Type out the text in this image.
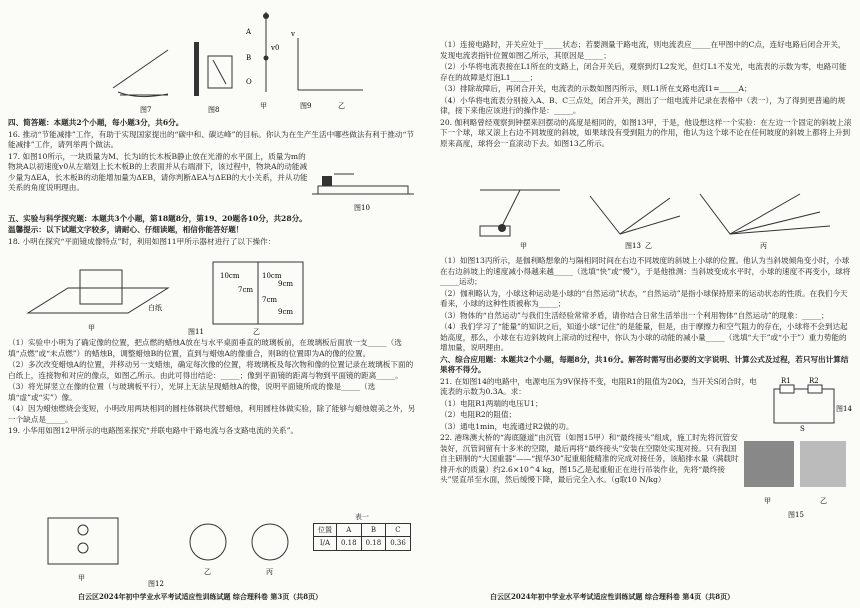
图7	图8
A
B
O
v0
甲
v
图9	乙

四、简答题：本题共2个小题，每小题3分，共6分。

16. 推动“节能减排”工作，有助于实现国家提出的“碳中和、碳达峰”的目标。你认为在生产生活中哪些做法有利于推动“节能减排”工作，请列举两个做法。

17. 如图10所示，一块质量为M、长为l的长木板B静止放在光滑的水平面上，质量为m的物块A以初速度v0从左端划上长木板B的上表面并从右端滑下，该过程中，物块A的动能减少量为ΔEA，长木板B的动能增加量为ΔEB，请你判断ΔEA与ΔEB的大小关系，并从功能关系的角度说明理由。

图10

五、实验与科学探究题：本题共3个小题，第18题8分，第19、20题各10分，共28分。

温馨提示：以下试题文字较多，请耐心、仔细读题，相信你能答好题！

18. 小明在探究“平面镜成像特点”时，利用如图11甲所示器材进行了以下操作：

白纸
甲
10cm	10cm
7cm
7cm
9cm
9cm
图11	乙

（1）实验中小明为了确定像的位置，把点燃的蜡烛A放在与水平桌面垂直的玻璃板前，在玻璃板后面放一支_____（选填“点燃”或“未点燃”）的蜡烛B，调整蜡烛B的位置，直到与蜡烛A的像重合，则B的位置即为A的像的位置。

（2）多次改变蜡烛A的位置，并移动另一支蜡烛，确定每次像的位置，将玻璃板及每次物和像的位置记录在玻璃板下面的白纸上，连接物和对应的像点，如图乙所示。由此可得出结论：_____；像到平面镜的距离与物到平面镜的距离_____。

（3）将光屏竖立在像的位置（与玻璃板平行），光屏上无法呈现蜡烛A的像，说明平面镜所成的像是_____（选填“虚”或“实”）像。

（4）因为蜡烛燃烧会变短，小明改用两块相同的圆柱体钢块代替蜡烛，利用圆柱体做实验，除了能够与蜡烛媲美之外，另一个缺点是_____。

19. 小华用如图12甲所示的电路图来探究“并联电路中干路电流与各支路电流的关系”。

甲
乙	丙
图12
表一
位置	A	B	C
I/A	0.18	0.18	0.36
白云区2024年初中学业水平考试适应性训练试题 综合理科卷 第3页（共8页）

（1）连接电路时，开关应处于_____状态；若要测量干路电流，则电流表应_____在甲图中的C点，连好电路后闭合开关，发现电流表指针位置如图乙所示，其原因是_____；

（2）小华将电流表接在L1所在的支路上，闭合开关后，观察到灯L2发光，但灯L1不发光，电流表的示数为零，电路可能存在的故障是灯泡L1_____；

（3）排除故障后，再闭合开关，电流表的示数如图丙所示，则L1所在支路电流I1=_____A；

（4）小华将电流表分别接入A、B、C三点处，闭合开关，测出了一组电流并记录在表格中（表一），为了得到更普遍的规律，接下来他应该进行的操作是：_____。

20. 伽利略曾经观察到钟摆来回摆动的高度是相同的，如图13甲，于是，他设想这样一个实验：在左边一个固定的斜坡上滚下一个球，球又滚上右边不同坡度的斜坡，如果球没有受到阻力的作用，他认为这个球不论在任何坡度的斜坡上都将上升到原来高度，球将会一直滚动下去。如图13乙所示。

甲	图13 乙	丙

（1）如图13丙所示，是伽利略想象的与隔相同时间在右边不同坡度的斜坡上小球的位置。他认为当斜坡倾角变小时，小球在右边斜坡上的速度减小得越来越_____（选填“快”或“慢”），于是他推测：当斜坡变成水平时，小球的速度不再变小，球将_____运动；

（2）伽利略认为，小球这种运动是小球的“自然运动”状态，“自然运动”是指小球保持原来的运动状态的性质。在我们今天看来，小球的这种性质被称为_____；

（3）物体的“自然运动”与我们生活经验常常矛盾，请你结合日常生活举出一个利用物体“自然运动”的现象：_____；

（4）我们学习了“能量”的知识之后，知道小球“记住”的是能量，但是，由于摩擦力和空气阻力的存在，小球将不会到达起始高度，那么，小球在右边斜坡向上滚动的过程中，你认为小球的动能的减小量_____（选填“大于”或“小于”）重力势能的增加量，说明理由。

六、综合应用题：本题共2个小题，每题8分，共16分。解答时需写出必要的文字说明、计算公式及过程，若只写出计算结果将不得分。

21. 在如图14的电路中，电源电压为9V保持不变，电阻R1的阻值为20Ω，当开关S闭合时，电流表的示数为0.3A。求：

（1）电阻R1两端的电压U1；

（2）电阻R2的阻值；

（3）通电1min，电流通过R2做的功。

R1	R2
图14
S

22. 港珠澳大桥的“海底隧道”由沉管（如图15甲）和“最终接头”组成，施工时先将沉管安装好，沉管间留有十多米的空隙，最后再将“最终接头”安装在空隙处实现对接。只有我国自主研制的“大国重器”——“振华30”起重船能精准的完成对接任务，该船排水量（满载时排开水的质量）约2.6×10^4 kg，图15乙是起重船正在进行吊装作业，先将“最终接头”竖直吊至水面，然后缓慢下降，最后完全入水。（g取10 N/kg）

甲
图15
乙
白云区2024年初中学业水平考试适应性训练试题 综合理科卷 第4页（共8页）
